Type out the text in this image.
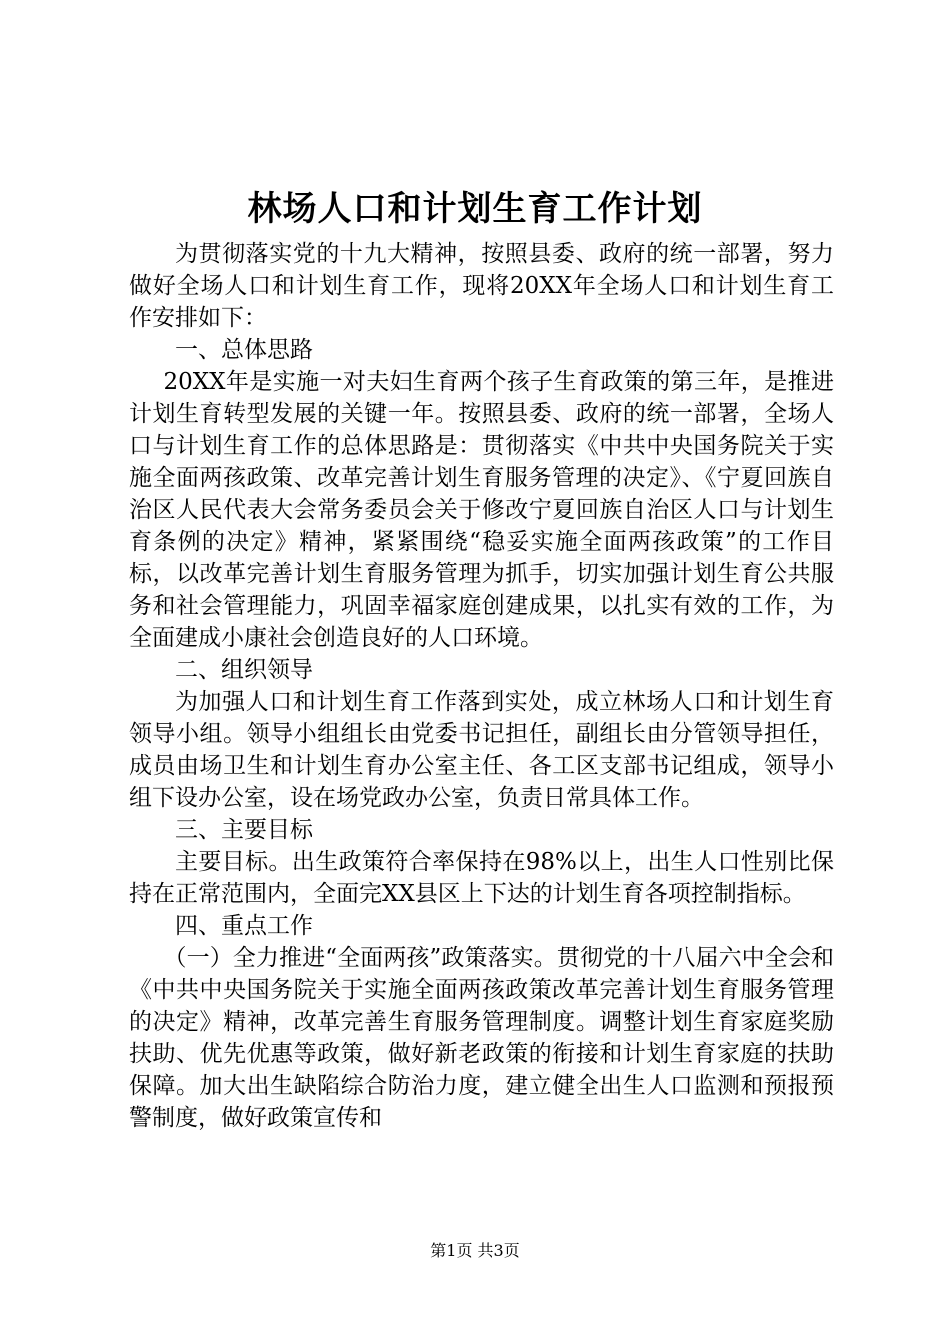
林场人口和计划生育工作计划

为贯彻落实党的十九大精神，按照县委、政府的统一部署，努力做好全场人口和计划生育工作，现将20XX年全场人口和计划生育工作安排如下：

一、总体思路

20XX年是实施一对夫妇生育两个孩子生育政策的第三年，是推进计划生育转型发展的关键一年。按照县委、政府的统一部署，全场人口与计划生育工作的总体思路是：贯彻落实《中共中央国务院关于实施全面两孩政策、改革完善计划生育服务管理的决定》、《宁夏回族自治区人民代表大会常务委员会关于修改宁夏回族自治区人口与计划生育条例的决定》精神，紧紧围绕“稳妥实施全面两孩政策”的工作目标，以改革完善计划生育服务管理为抓手，切实加强计划生育公共服务和社会管理能力，巩固幸福家庭创建成果，以扎实有效的工作，为全面建成小康社会创造良好的人口环境。

二、组织领导

为加强人口和计划生育工作落到实处，成立林场人口和计划生育领导小组。领导小组组长由党委书记担任，副组长由分管领导担任，成员由场卫生和计划生育办公室主任、各工区支部书记组成，领导小组下设办公室，设在场党政办公室，负责日常具体工作。

三、主要目标

主要目标。出生政策符合率保持在98%以上，出生人口性别比保持在正常范围内，全面完XX县区上下达的计划生育各项控制指标。

四、重点工作

（一）全力推进“全面两孩”政策落实。贯彻党的十八届六中全会和《中共中央国务院关于实施全面两孩政策改革完善计划生育服务管理的决定》精神，改革完善生育服务管理制度。调整计划生育家庭奖励扶助、优先优惠等政策，做好新老政策的衔接和计划生育家庭的扶助保障。加大出生缺陷综合防治力度，建立健全出生人口监测和预报预警制度，做好政策宣传和

第1页 共3页
